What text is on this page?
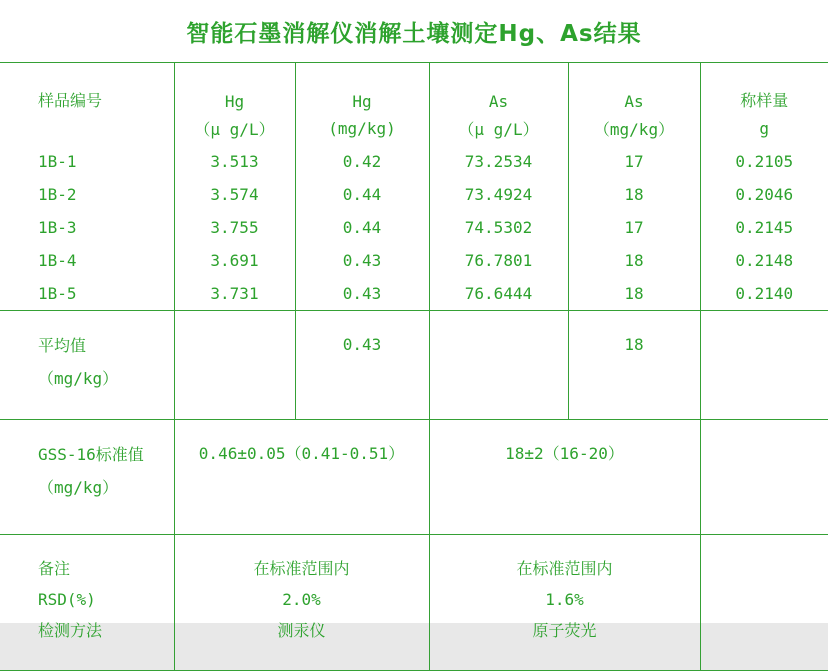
智能石墨消解仪消解土壤测定Hg、As结果
样品编号	Hg	Hg	As	As	称样量
	（μ g/L）	(mg/kg)	（μ g/L）	（mg/kg）	g
1B-1	3.513	0.42	73.2534	17	0.2105
1B-2	3.574	0.44	73.4924	18	0.2046
1B-3	3.755	0.44	74.5302	17	0.2145
1B-4	3.691	0.43	76.7801	18	0.2148
1B-5	3.731	0.43	76.6444	18	0.2140

平均值
（mg/kg）		0.43		18	

GSS-16标准值
（mg/kg）	0.46±0.05（0.41-0.51）		18±2（16-20）		
备注	在标准范围内		在标准范围内		
RSD(%)	2.0%		1.6%		
检测方法	测汞仪		原子荧光		
